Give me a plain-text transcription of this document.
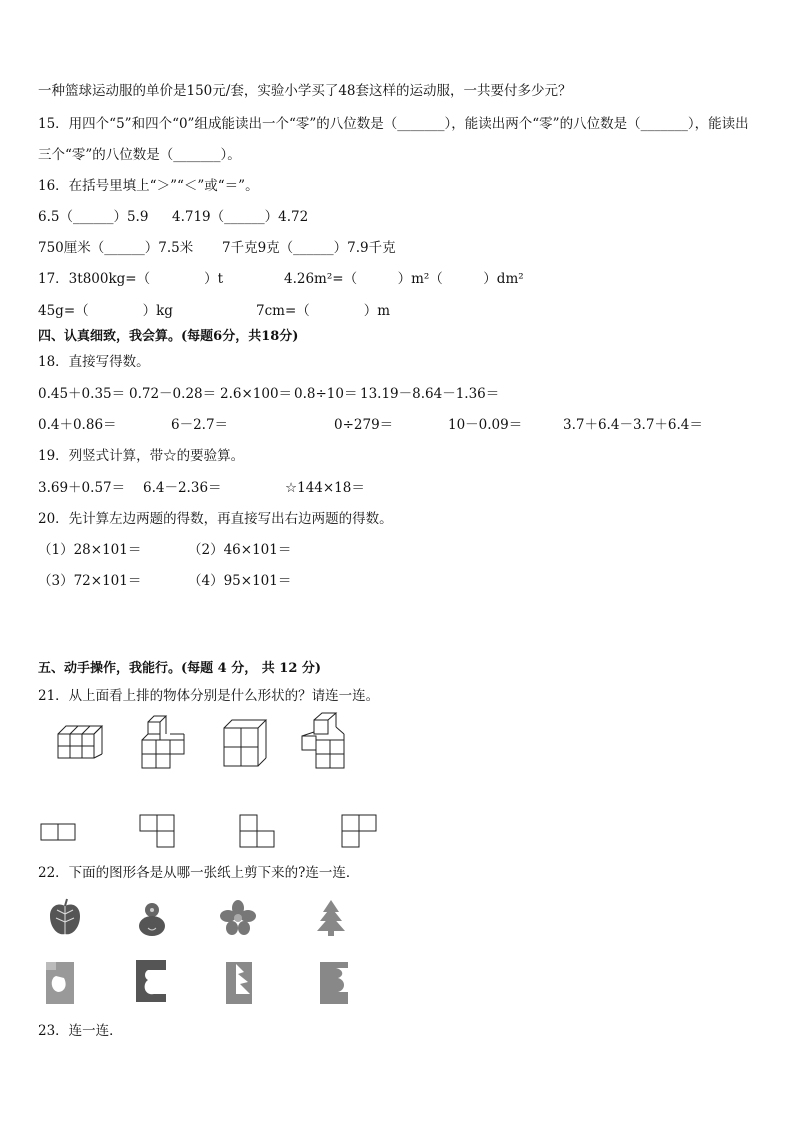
一种篮球运动服的单价是150元/套，实验小学买了48套这样的运动服，一共要付多少元？
15．用四个“5”和四个“0”组成能读出一个“零”的八位数是（_______），能读出两个“零”的八位数是（_______），能读出
三个“零”的八位数是（_______）。
16．在括号里填上“＞”“＜”或“＝”。
6.5（______）5.9 4.719（______）4.72
750厘米（______）7.5米 7千克9克（______）7.9千克
17．3t800kg=（　　　　）t	4.26m²=（　　　）m²（　　　）dm²
45g=（　　　　）kg	7cm=（　　　　）m
四、认真细致，我会算。(每题6分，共18分)
18．直接写得数。
0.45＋0.35＝ 0.72－0.28＝ 2.6×100＝ 0.8÷10＝ 13.19－8.64－1.36＝
0.4＋0.86＝	6－2.7＝	0÷279＝	10－0.09＝	3.7＋6.4－3.7＋6.4＝
19．列竖式计算，带☆的要验算。
3.69＋0.57＝ 6.4－2.36＝	☆144×18＝
20．先计算左边两题的得数，再直接写出右边两题的得数。
（1）28×101＝	（2）46×101＝
（3）72×101＝	（4）95×101＝
五、动手操作，我能行。(每题 4 分， 共 12 分)
21．从上面看上排的物体分别是什么形状的？请连一连。
22．下面的图形各是从哪一张纸上剪下来的?连一连．
23．连一连．
